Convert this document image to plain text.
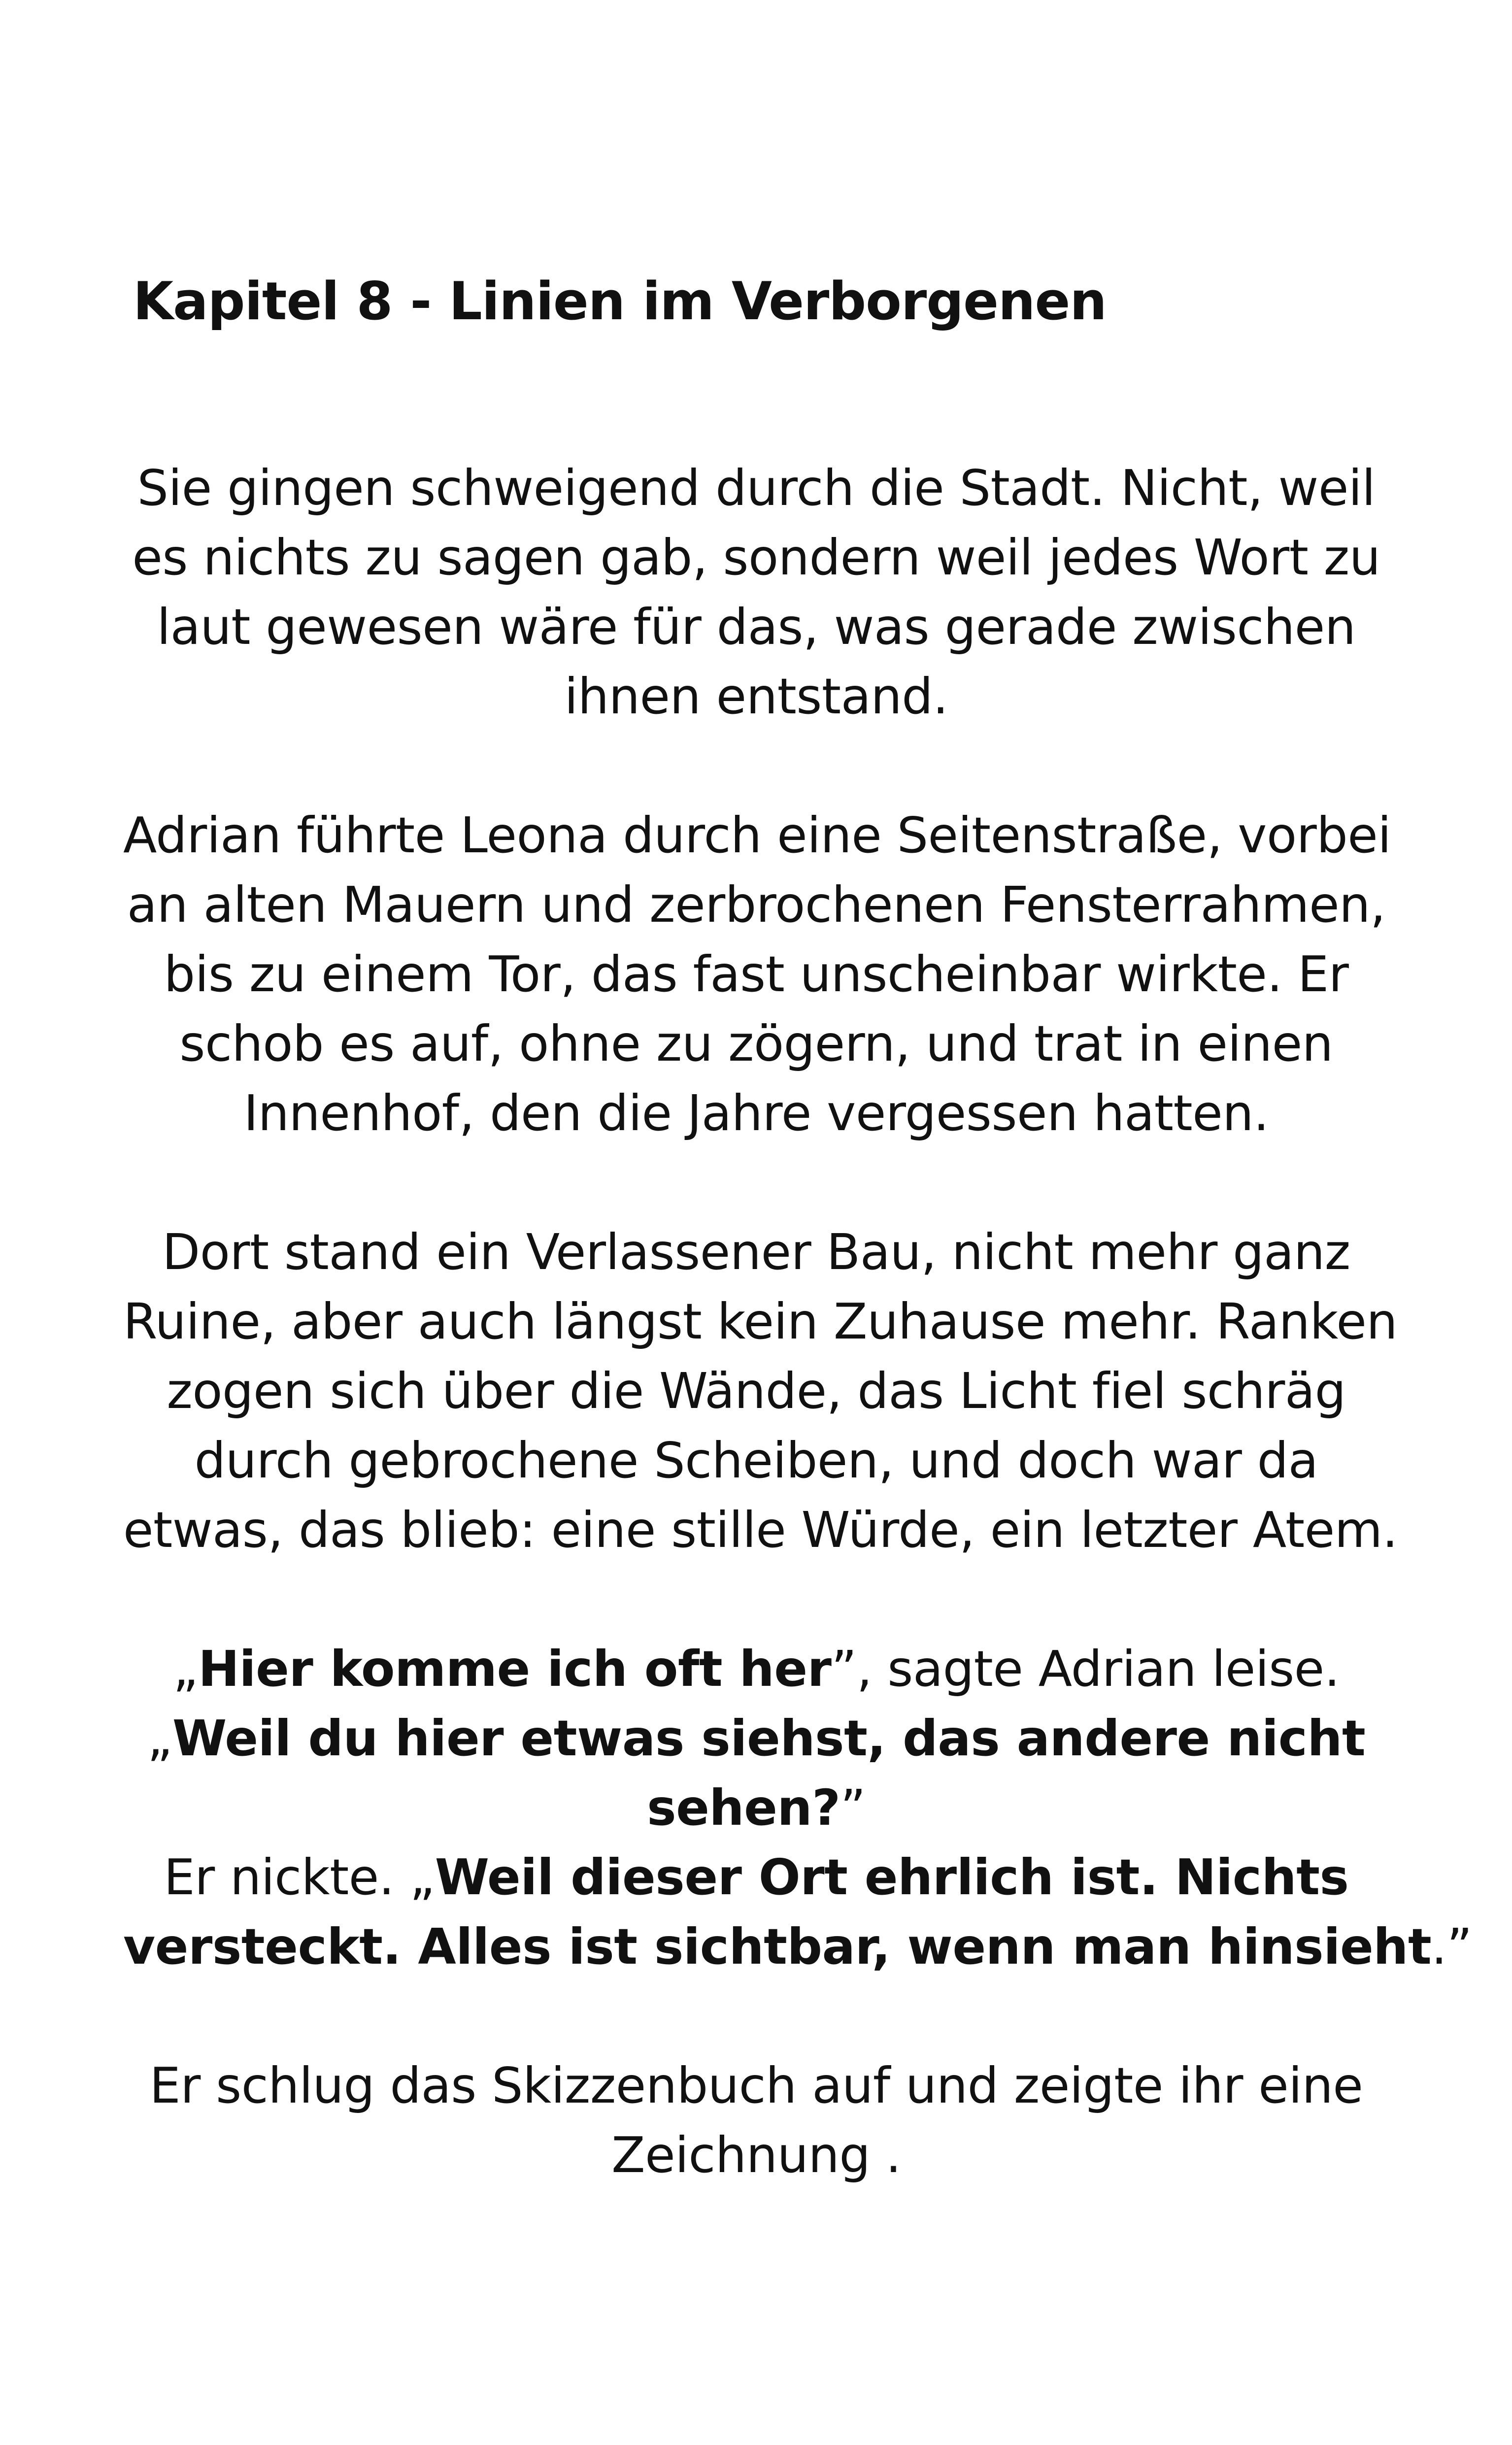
Kapitel 8 - Linien im Verborgenen

Sie gingen schweigend durch die Stadt. Nicht, weil
es nichts zu sagen gab, sondern weil jedes Wort zu
laut gewesen wäre für das, was gerade zwischen
ihnen entstand.

Adrian führte Leona durch eine Seitenstraße, vorbei
an alten Mauern und zerbrochenen Fensterrahmen,
bis zu einem Tor, das fast unscheinbar wirkte. Er
schob es auf, ohne zu zögern, und trat in einen
Innenhof, den die Jahre vergessen hatten.

Dort stand ein Verlassener Bau, nicht mehr ganz
Ruine, aber auch längst kein Zuhause mehr. Ranken
zogen sich über die Wände, das Licht fiel schräg
durch gebrochene Scheiben, und doch war da
etwas, das blieb: eine stille Würde, ein letzter Atem.

„Hier komme ich oft her”, sagte Adrian leise.
„Weil du hier etwas siehst, das andere nicht
sehen?”
Er nickte. „Weil dieser Ort ehrlich ist. Nichts
versteckt. Alles ist sichtbar, wenn man hinsieht.”

Er schlug das Skizzenbuch auf und zeigte ihr eine
Zeichnung .
